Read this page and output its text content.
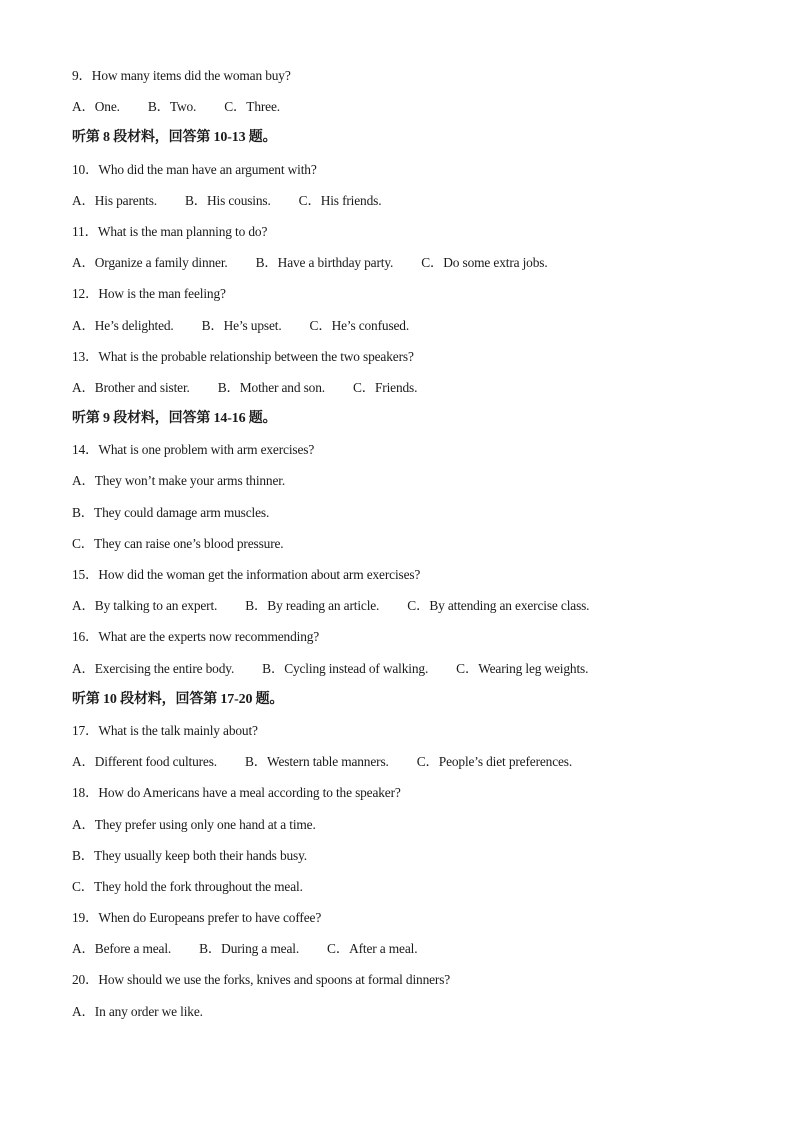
9 ． How many items did the woman buy?
A ． One. B ． Two. C ． Three.
听第 8 段材料，回答第 10-13 题。
10 ． Who did the man have an argument with?
A ． His parents. B ． His cousins. C ． His friends.
11 ． What is the man planning to do?
A ． Organize a family dinner. B ． Have a birthday party. C ． Do some extra jobs.
12 ． How is the man feeling?
A ． He’s delighted. B ． He’s upset. C ． He’s confused.
13 ． What is the probable relationship between the two speakers?
A ． Brother and sister. B ． Mother and son. C ． Friends.
听第 9 段材料，回答第 14-16 题。
14 ． What is one problem with arm exercises?
A ． They won’t make your arms thinner.
B ． They could damage arm muscles.
C ． They can raise one’s blood pressure.
15 ． How did the woman get the information about arm exercises?
A ． By talking to an expert. B ． By reading an article. C ． By attending an exercise class.
16 ． What are the experts now recommending?
A ． Exercising the entire body. B ． Cycling instead of walking. C ． Wearing leg weights.
听第 10 段材料，回答第 17-20 题。
17 ． What is the talk mainly about?
A ． Different food cultures. B ． Western table manners. C ． People’s diet preferences.
18 ． How do Americans have a meal according to the speaker?
A ． They prefer using only one hand at a time.
B ． They usually keep both their hands busy.
C ． They hold the fork throughout the meal.
19 ． When do Europeans prefer to have coffee?
A ． Before a meal. B ． During a meal. C ． After a meal.
20 ． How should we use the forks, knives and spoons at formal dinners?
A ． In any order we like.
